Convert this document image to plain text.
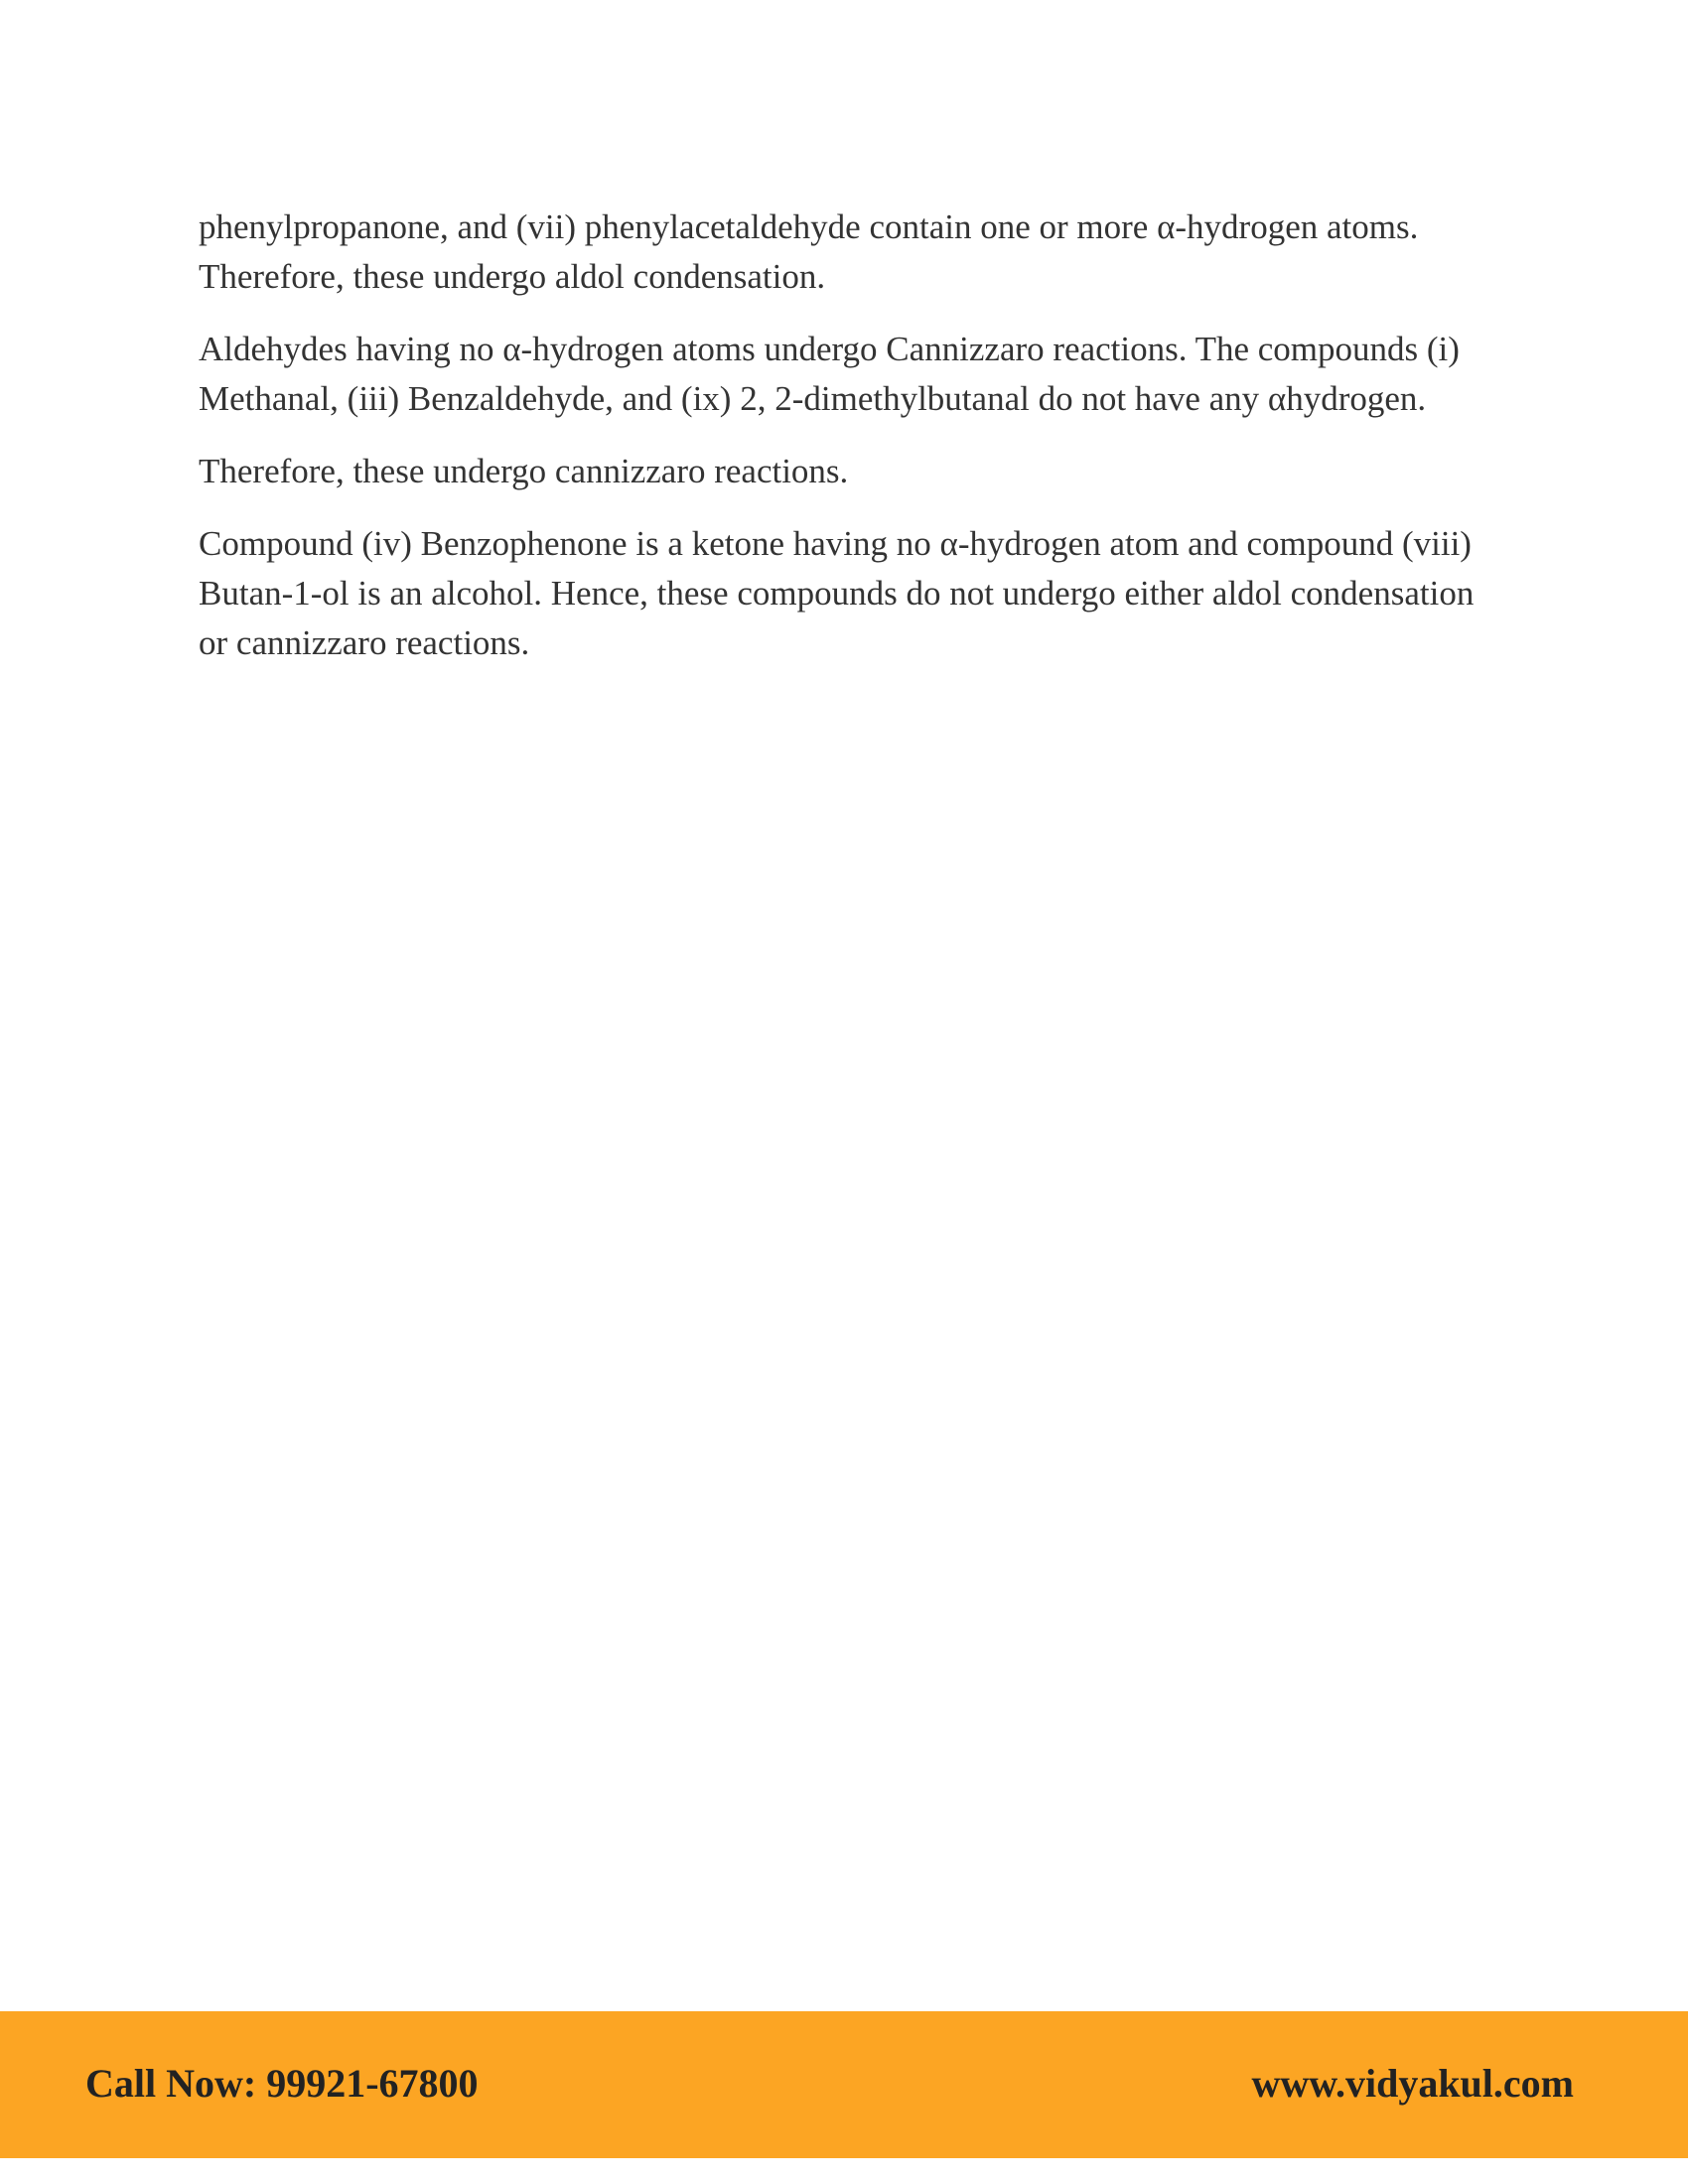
phenylpropanone, and (vii) phenylacetaldehyde contain one or more α-hydrogen atoms. Therefore, these undergo aldol condensation.

Aldehydes having no α-hydrogen atoms undergo Cannizzaro reactions. The compounds (i) Methanal, (iii) Benzaldehyde, and (ix) 2, 2-dimethylbutanal do not have any αhydrogen.

Therefore, these undergo cannizzaro reactions.

Compound (iv) Benzophenone is a ketone having no α-hydrogen atom and compound (viii) Butan-1-ol is an alcohol. Hence, these compounds do not undergo either aldol condensation or cannizzaro reactions.

Call Now: 99921-67800	www.vidyakul.com
